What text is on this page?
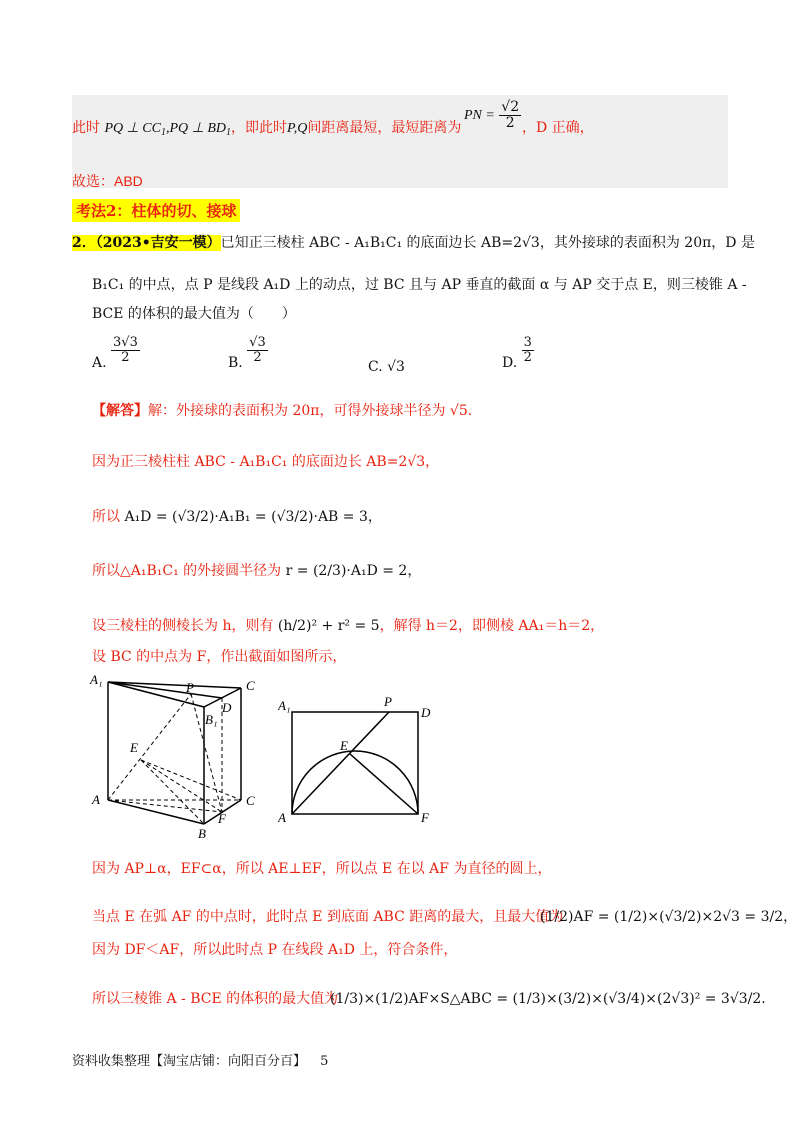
此时 PQ ⊥ $CC_1,PQ$ ⊥ $BD_1$，即此时P,Q间距离最短，最短距离为
PN = $\frac{√2}{2}$ ，D 正确，
故选：ABD
考法2：柱体的切、接球
2．（2023•吉安一模）已知正三棱柱 ABC - A₁B₁C₁ 的底面边长 AB=2√3，其外接球的表面积为 20π，D 是
B₁C₁ 的中点，点 P 是线段 A₁D 上的动点，过 BC 且与 AP 垂直的截面 α 与 AP 交于点 E，则三棱锥 A -
BCE 的体积的最大值为（　　）
A. $\frac{3√3}{2}$	B. $\frac{√3}{2}$
C. √3	D. $\frac{3}{2}$
【解答】解：外接球的表面积为 20π，可得外接球半径为 √5.
因为正三棱柱柱 ABC - A₁B₁C₁ 的底面边长 AB=2√3，
所以 A₁D = (√3/2)·A₁B₁ = (√3/2)·AB = 3，
所以△A₁B₁C₁ 的外接圆半径为 r = (2/3)·A₁D = 2，
设三棱柱的侧棱长为 h，则有 (h/2)² + r² = 5，解得 h＝2，即侧棱 AA₁＝h＝2，
设 BC 的中点为 F，作出截面如图所示，
A₁
P	C
B₁
D
E
A
F
B
C
A₁	P
D
E
A	F
因为 AP⊥α，EF⊂α，所以 AE⊥EF，所以点 E 在以 AF 为直径的圆上，
当点 E 在弧 AF 的中点时，此时点 E 到底面 ABC 距离的最大，且最大值为
(1/2)AF = (1/2)×(√3/2)×2√3 = 3/2，
因为 DF＜AF，所以此时点 P 在线段 A₁D 上，符合条件，
所以三棱锥 A - BCE 的体积的最大值为
(1/3)×(1/2)AF×S△ABC = (1/3)×(3/2)×(√3/4)×(2√3)² = 3√3/2.
资料收集整理【淘宝店铺：向阳百分百】 5
